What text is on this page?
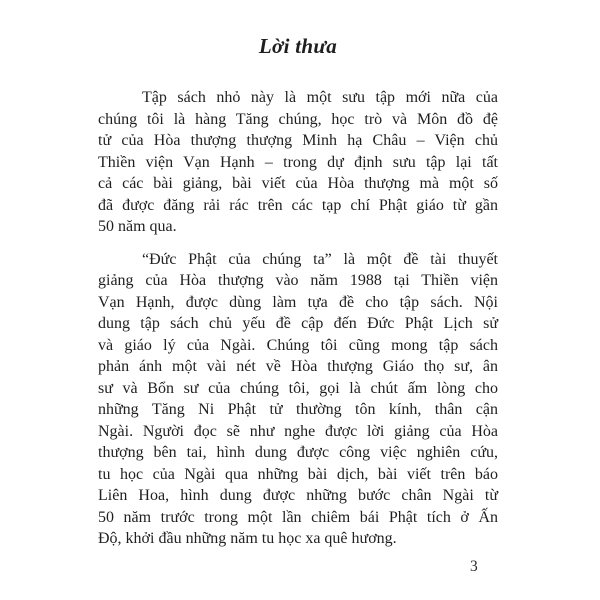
Lời thưa
Tập sách nhỏ này là một sưu tập mới nữa của
chúng tôi là hàng Tăng chúng, học trò và Môn đồ đệ
tử của Hòa thượng thượng Minh hạ Châu – Viện chủ
Thiền viện Vạn Hạnh – trong dự định sưu tập lại tất
cả các bài giảng, bài viết của Hòa thượng mà một số
đã được đăng rải rác trên các tạp chí Phật giáo từ gần
50 năm qua.
“Đức Phật của chúng ta” là một đề tài thuyết
giảng của Hòa thượng vào năm 1988 tại Thiền viện
Vạn Hạnh, được dùng làm tựa đề cho tập sách. Nội
dung tập sách chủ yếu đề cập đến Đức Phật Lịch sử
và giáo lý của Ngài. Chúng tôi cũng mong tập sách
phản ánh một vài nét về Hòa thượng Giáo thọ sư, ân
sư và Bổn sư của chúng tôi, gọi là chút ấm lòng cho
những Tăng Ni Phật tử thường tôn kính, thân cận
Ngài. Người đọc sẽ như nghe được lời giảng của Hòa
thượng bên tai, hình dung được công việc nghiên cứu,
tu học của Ngài qua những bài dịch, bài viết trên báo
Liên Hoa, hình dung được những bước chân Ngài từ
50 năm trước trong một lần chiêm bái Phật tích ở Ấn
Độ, khởi đầu những năm tu học xa quê hương.
3
